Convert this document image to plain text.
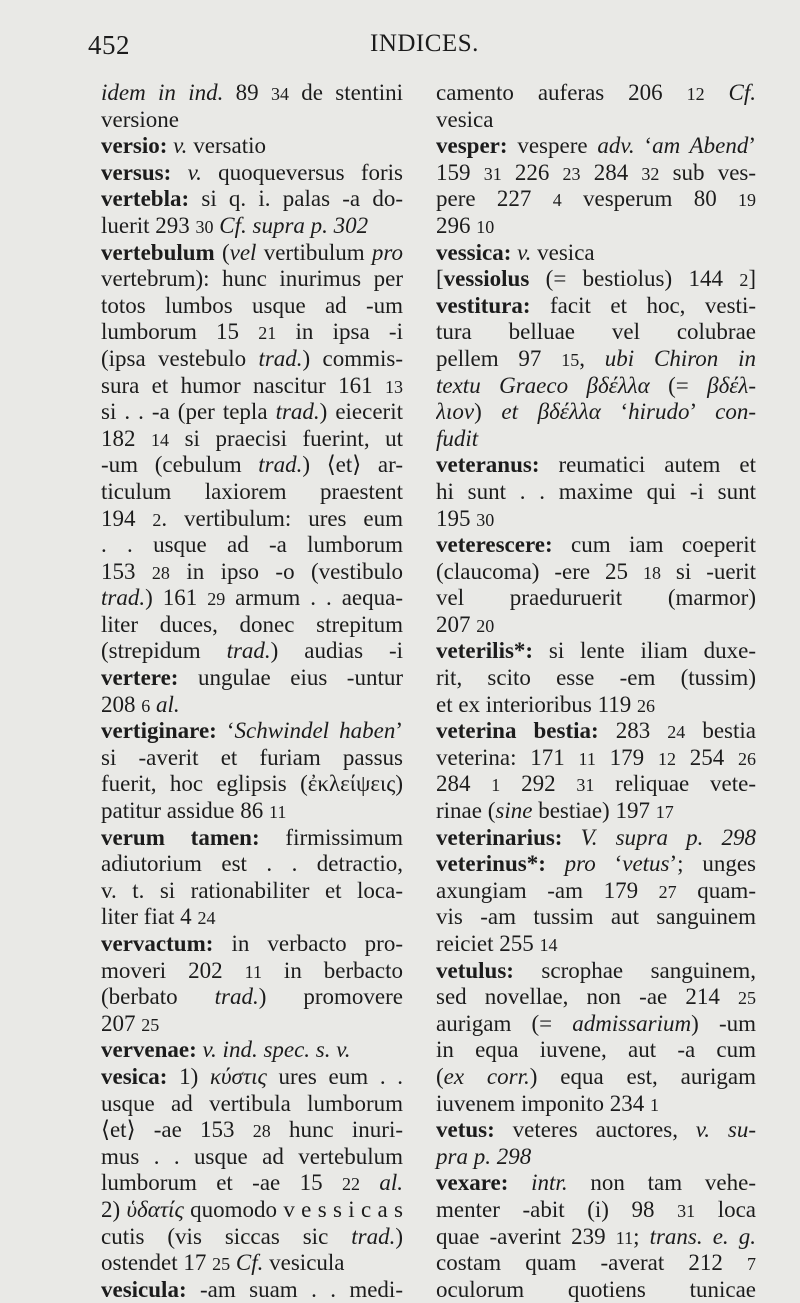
452	INDICES.
idem in ind. 89 34 de stentini
versione
versio: v. versatio
versus: v. quoqueversus foris
vertebla: si q. i. palas -a do-
luerit 293 30 Cf. supra p. 302
vertebulum (vel vertibulum pro
vertebrum): hunc inurimus per
totos lumbos usque ad -um
lumborum 15 21 in ipsa -i
(ipsa vestebulo trad.) commis-
sura et humor nascitur 161 13
si . . -a (per tepla trad.) eiecerit
182 14 si praecisi fuerint, ut
-um (cebulum trad.) ⟨et⟩ ar-
ticulum laxiorem praestent
194 2. vertibulum: ures eum
. . usque ad -a lumborum
153 28 in ipso -o (vestibulo
trad.) 161 29 armum . . aequa-
liter duces, donec strepitum
(strepidum trad.) audias -i
vertere: ungulae eius -untur
208 6 al.
vertiginare: ‘Schwindel haben’
si -averit et furiam passus
fuerit, hoc eglipsis (ἐκλείψεις)
patitur assidue 86 11
verum tamen: firmissimum
adiutorium est . . detractio,
v. t. si rationabiliter et loca-
liter fiat 4 24
vervactum: in verbacto pro-
moveri 202 11 in berbacto
(berbato trad.) promovere
207 25
vervenae: v. ind. spec. s. v.
vesica: 1) κύστις ures eum . .
usque ad vertibula lumborum
⟨et⟩ -ae 153 28 hunc inuri-
mus . . usque ad vertebulum
lumborum et -ae 15 22 al.
2) ὑδατίς quomodo v e s s i c a s
cutis (vis siccas sic trad.)
ostendet 17 25 Cf. vesicula
vesicula: -am suam . . medi-
camento auferas 206 12 Cf.
vesica
vesper: vespere adv. ‘am Abend’
159 31 226 23 284 32 sub ves-
pere 227 4 vesperum 80 19
296 10
vessica: v. vesica
[vessiolus (= bestiolus) 144 2]
vestitura: facit et hoc, vesti-
tura belluae vel colubrae
pellem 97 15, ubi Chiron in
textu Graeco βδέλλα (= βδέλ-
λιον) et βδέλλα ‘hirudo’ con-
fudit
veteranus: reumatici autem et
hi sunt . . maxime qui -i sunt
195 30
veterescere: cum iam coeperit
(claucoma) -ere 25 18 si -uerit
vel praeduruerit (marmor)
207 20
veterilis*: si lente iliam duxe-
rit, scito esse -em (tussim)
et ex interioribus 119 26
veterina bestia: 283 24 bestia
veterina: 171 11 179 12 254 26
284 1 292 31 reliquae vete-
rinae (sine bestiae) 197 17
veterinarius: V. supra p. 298
veterinus*: pro ‘vetus’; unges
axungiam -am 179 27 quam-
vis -am tussim aut sanguinem
reiciet 255 14
vetulus: scrophae sanguinem,
sed novellae, non -ae 214 25
aurigam (= admissarium) -um
in equa iuvene, aut -a cum
(ex corr.) equa est, aurigam
iuvenem imponito 234 1
vetus: veteres auctores, v. su-
pra p. 298
vexare: intr. non tam vehe-
menter -abit (i) 98 31 loca
quae -averint 239 11; trans. e. g.
costam quam -averat 212 7
oculorum quotiens tunicae
